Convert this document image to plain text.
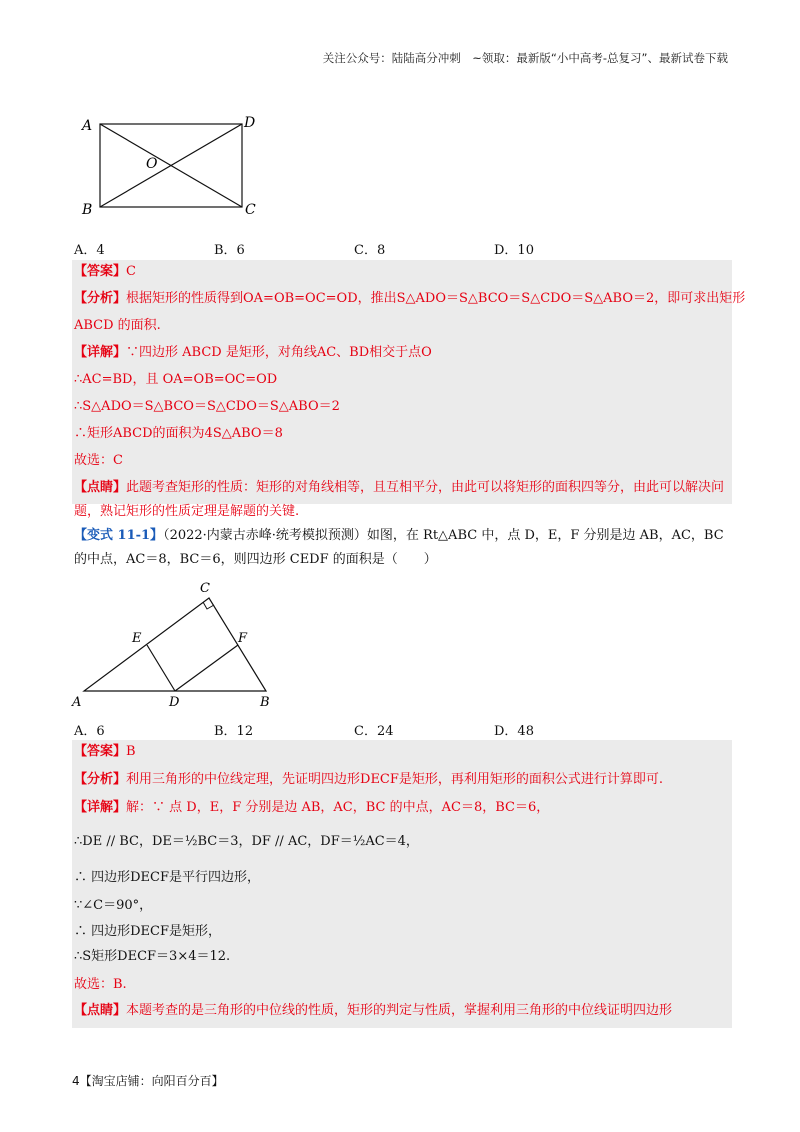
关注公众号：陆陆高分冲刺　~领取：最新版“小中高考-总复习”、最新试卷下载
A
B	C
D
O
A．4	B．6	C．8	D．10
【答案】C
【分析】根据矩形的性质得到OA=OB=OC=OD，推出S△ADO＝S△BCO＝S△CDO＝S△ABO＝2，即可求出矩形
ABCD 的面积.
【详解】∵四边形 ABCD 是矩形，对角线AC、BD相交于点O
∴AC=BD，且 OA=OB=OC=OD
∴S△ADO＝S△BCO＝S△CDO＝S△ABO＝2
∴矩形ABCD的面积为4S△ABO＝8
故选：C
【点睛】此题考查矩形的性质：矩形的对角线相等，且互相平分，由此可以将矩形的面积四等分，由此可以解决问题，熟记矩形的性质定理是解题的关键.
【变式 11-1】（2022·内蒙古赤峰·统考模拟预测）如图，在 Rt△ABC 中，点 D，E，F 分别是边 AB，AC，BC 的中点，AC＝8，BC＝6，则四边形 CEDF 的面积是（　　）
A	B
C
D
E	F
A．6	B．12	C．24	D．48
【答案】B
【分析】利用三角形的中位线定理，先证明四边形DECF是矩形，再利用矩形的面积公式进行计算即可.
【详解】解：∵ 点 D，E，F 分别是边 AB，AC，BC 的中点，AC＝8，BC＝6，
∴DE // BC，DE＝½BC＝3，DF // AC，DF＝½AC＝4，
∴ 四边形DECF是平行四边形，
∵∠C＝90°，
∴ 四边形DECF是矩形，
∴S矩形DECF＝3×4＝12.
故选：B.
【点睛】本题考查的是三角形的中位线的性质，矩形的判定与性质，掌握利用三角形的中位线证明四边形
4【淘宝店铺：向阳百分百】
